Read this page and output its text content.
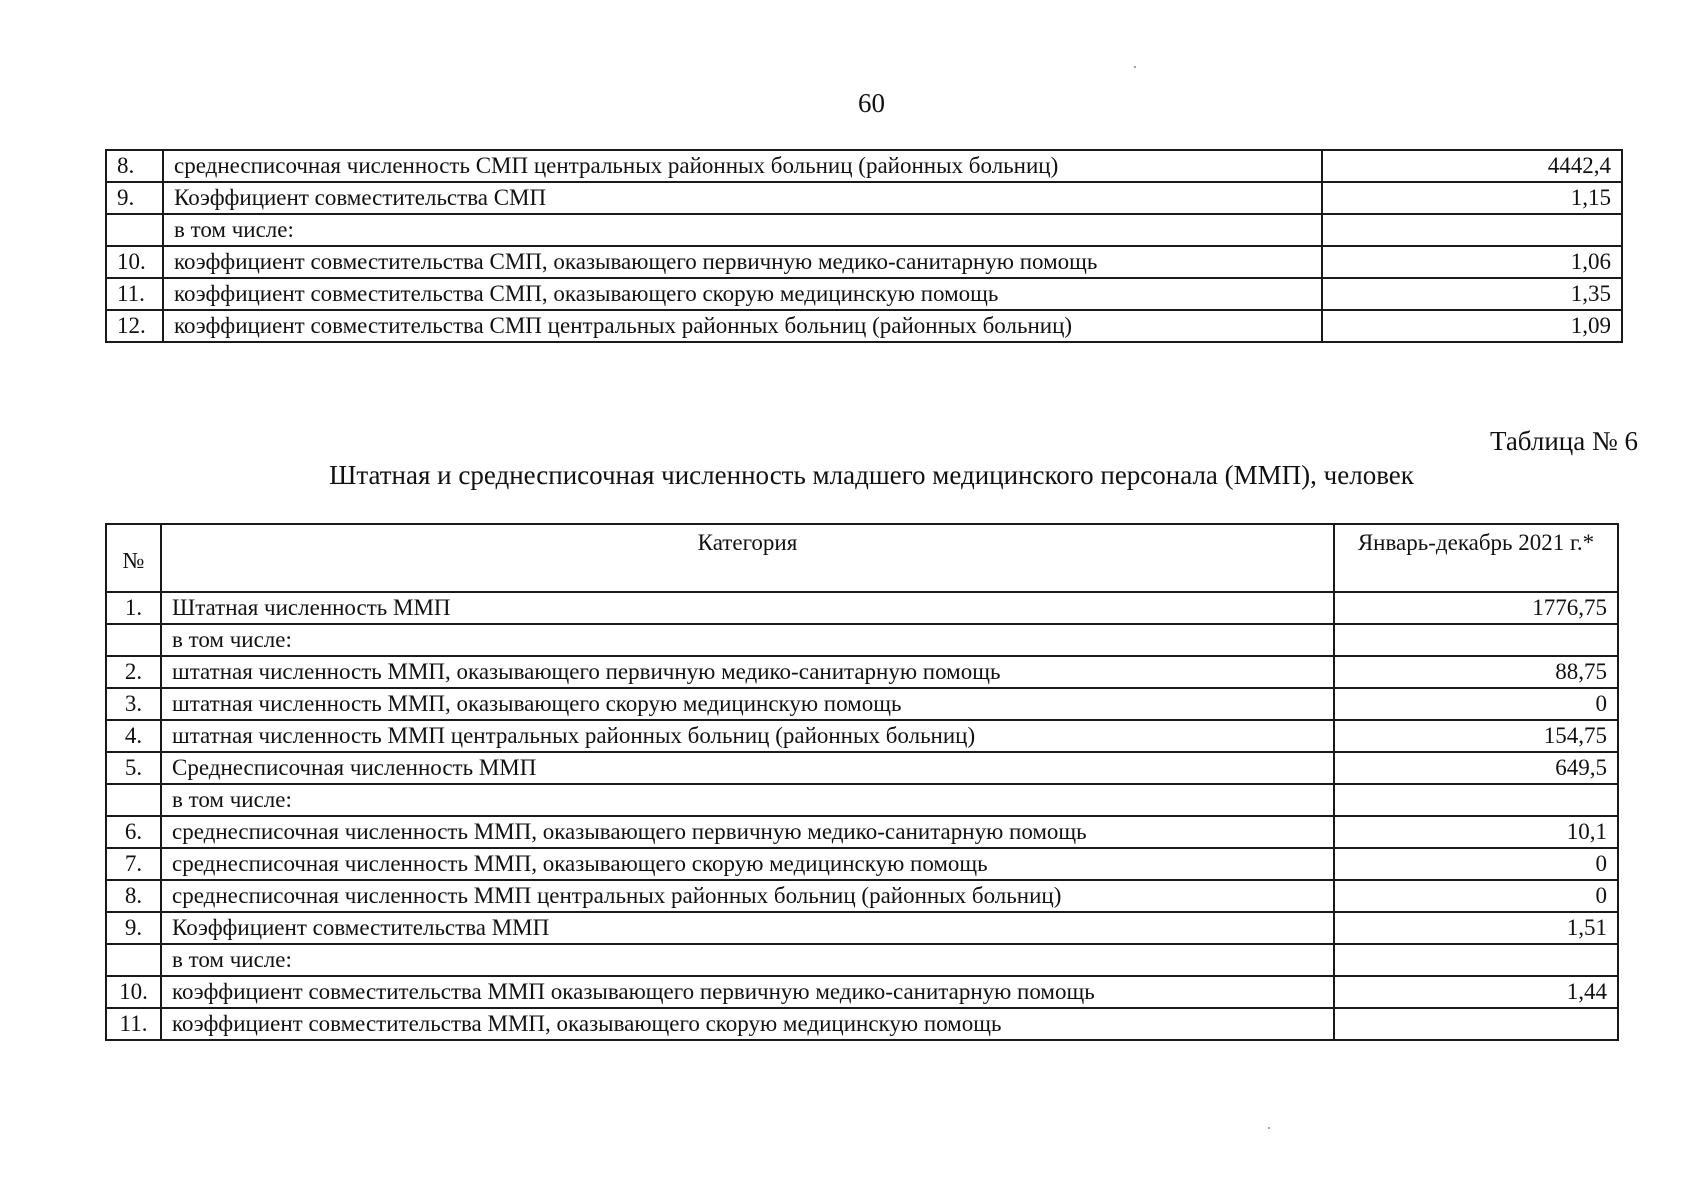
60
8.	среднесписочная численность СМП центральных районных больниц (районных больниц)	4442,4
9.	Коэффициент совместительства СМП	1,15
	в том числе:	
10.	коэффициент совместительства СМП, оказывающего первичную медико-санитарную помощь	1,06
11.	коэффициент совместительства СМП, оказывающего скорую медицинскую помощь	1,35
12.	коэффициент совместительства СМП центральных районных больниц (районных больниц)	1,09
Таблица № 6
Штатная и среднесписочная численность младшего медицинского персонала (ММП), человек
№	Категория	Январь-декабрь 2021 г.*
1.	Штатная численность ММП	1776,75
	в том числе:	
2.	штатная численность ММП, оказывающего первичную медико-санитарную помощь	88,75
3.	штатная численность ММП, оказывающего скорую медицинскую помощь	0
4.	штатная численность ММП центральных районных больниц (районных больниц)	154,75
5.	Среднесписочная численность ММП	649,5
	в том числе:	
6.	среднесписочная численность ММП, оказывающего первичную медико-санитарную помощь	10,1
7.	среднесписочная численность ММП, оказывающего скорую медицинскую помощь	0
8.	среднесписочная численность ММП центральных районных больниц (районных больниц)	0
9.	Коэффициент совместительства ММП	1,51
	в том числе:	
10.	коэффициент совместительства ММП оказывающего первичную медико-санитарную помощь	1,44
11.	коэффициент совместительства ММП, оказывающего скорую медицинскую помощь	
